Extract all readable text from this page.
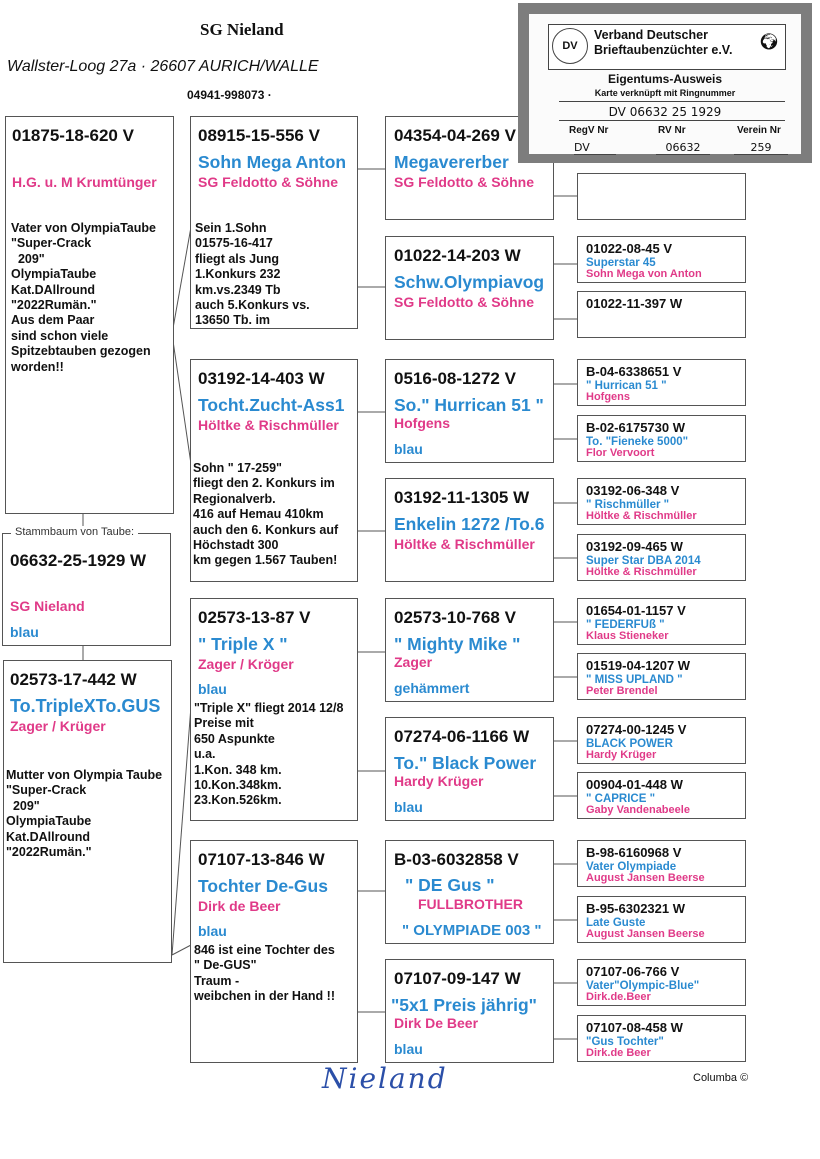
SG Nieland
Wallster-Loog 27a · 26607 AURICH/WALLE
04941-998073 ·
01875-18-620 V
H.G. u. M Krumtünger
Vater von OlympiaTaube
"Super-Crack
209"
OlympiaTaube
Kat.DAllround
"2022Rumän."
Aus dem Paar
sind schon viele
Spitzebtauben gezogen
worden!!
Stammbaum von Taube:
06632-25-1929 W
SG Nieland
blau
02573-17-442 W
To.TripleXTo.GUS
Zager / Krüger
Mutter von Olympia Taube
"Super-Crack
209"
OlympiaTaube
Kat.DAllround
"2022Rumän."
08915-15-556 V
Sohn Mega Anton
SG Feldotto & Söhne
Sein 1.Sohn
01575-16-417
fliegt als Jung
1.Konkurs 232
km.vs.2349 Tb
auch 5.Konkurs vs.
13650 Tb. im
03192-14-403 W
Tocht.Zucht-Ass1
Höltke & Rischmüller
Sohn " 17-259"
fliegt den 2. Konkurs im
Regionalverb.
416 auf Hemau 410km
auch den 6. Konkurs auf
Höchstadt 300
km gegen 1.567 Tauben!
02573-13-87 V
" Triple X "
Zager / Kröger
blau
"Triple X" fliegt 2014 12/8
Preise mit
650 Aspunkte
u.a.
1.Kon. 348 km.
10.Kon.348km.
23.Kon.526km.
07107-13-846 W
Tochter De-Gus
Dirk de Beer
blau
846 ist eine Tochter des
" De-GUS"
Traum -
weibchen in der Hand !!
04354-04-269 V
Megavererber
SG Feldotto & Söhne
01022-14-203 W
Schw.Olympiavog
SG Feldotto & Söhne
0516-08-1272 V
So." Hurrican 51 "
Hofgens
blau
03192-11-1305 W
Enkelin 1272 /To.6
Höltke & Rischmüller
02573-10-768 V
" Mighty Mike "
Zager
gehämmert
07274-06-1166 W
To." Black Power
Hardy Krüger
blau
B-03-6032858 V
" DE Gus "
FULLBROTHER
" OLYMPIADE 003 "
07107-09-147 W
"5x1 Preis jährig"
Dirk De Beer
blau
01022-08-45 V
Superstar 45
Sohn Mega von Anton
01022-11-397 W
B-04-6338651 V
" Hurrican 51 "
Hofgens
B-02-6175730 W
To. "Fieneke 5000"
Flor Vervoort
03192-06-348 V
" Rischmüller "
Höltke & Rischmüller
03192-09-465 W
Super Star DBA 2014
Höltke & Rischmüller
01654-01-1157 V
" FEDERFUß "
Klaus Stieneker
01519-04-1207 W
" MISS UPLAND "
Peter Brendel
07274-00-1245 V
BLACK POWER
Hardy Krüger
00904-01-448 W
" CAPRICE "
Gaby Vandenabeele
B-98-6160968 V
Vater Olympiade
August Jansen Beerse
B-95-6302321 W
Late Guste
August Jansen Beerse
07107-06-766 V
Vater"Olympic-Blue"
Dirk.de.Beer
07107-08-458 W
"Gus Tochter"
Dirk.de Beer
DV
Verband Deutscher
Brieftaubenzüchter e.V. 🌍︎
Eigentums-Ausweis
Karte verknüpft mit Ringnummer
DV 06632 25 1929
RegV Nr	RV Nr	Verein Nr
DV	06632	259
Nieland	Columba ©
